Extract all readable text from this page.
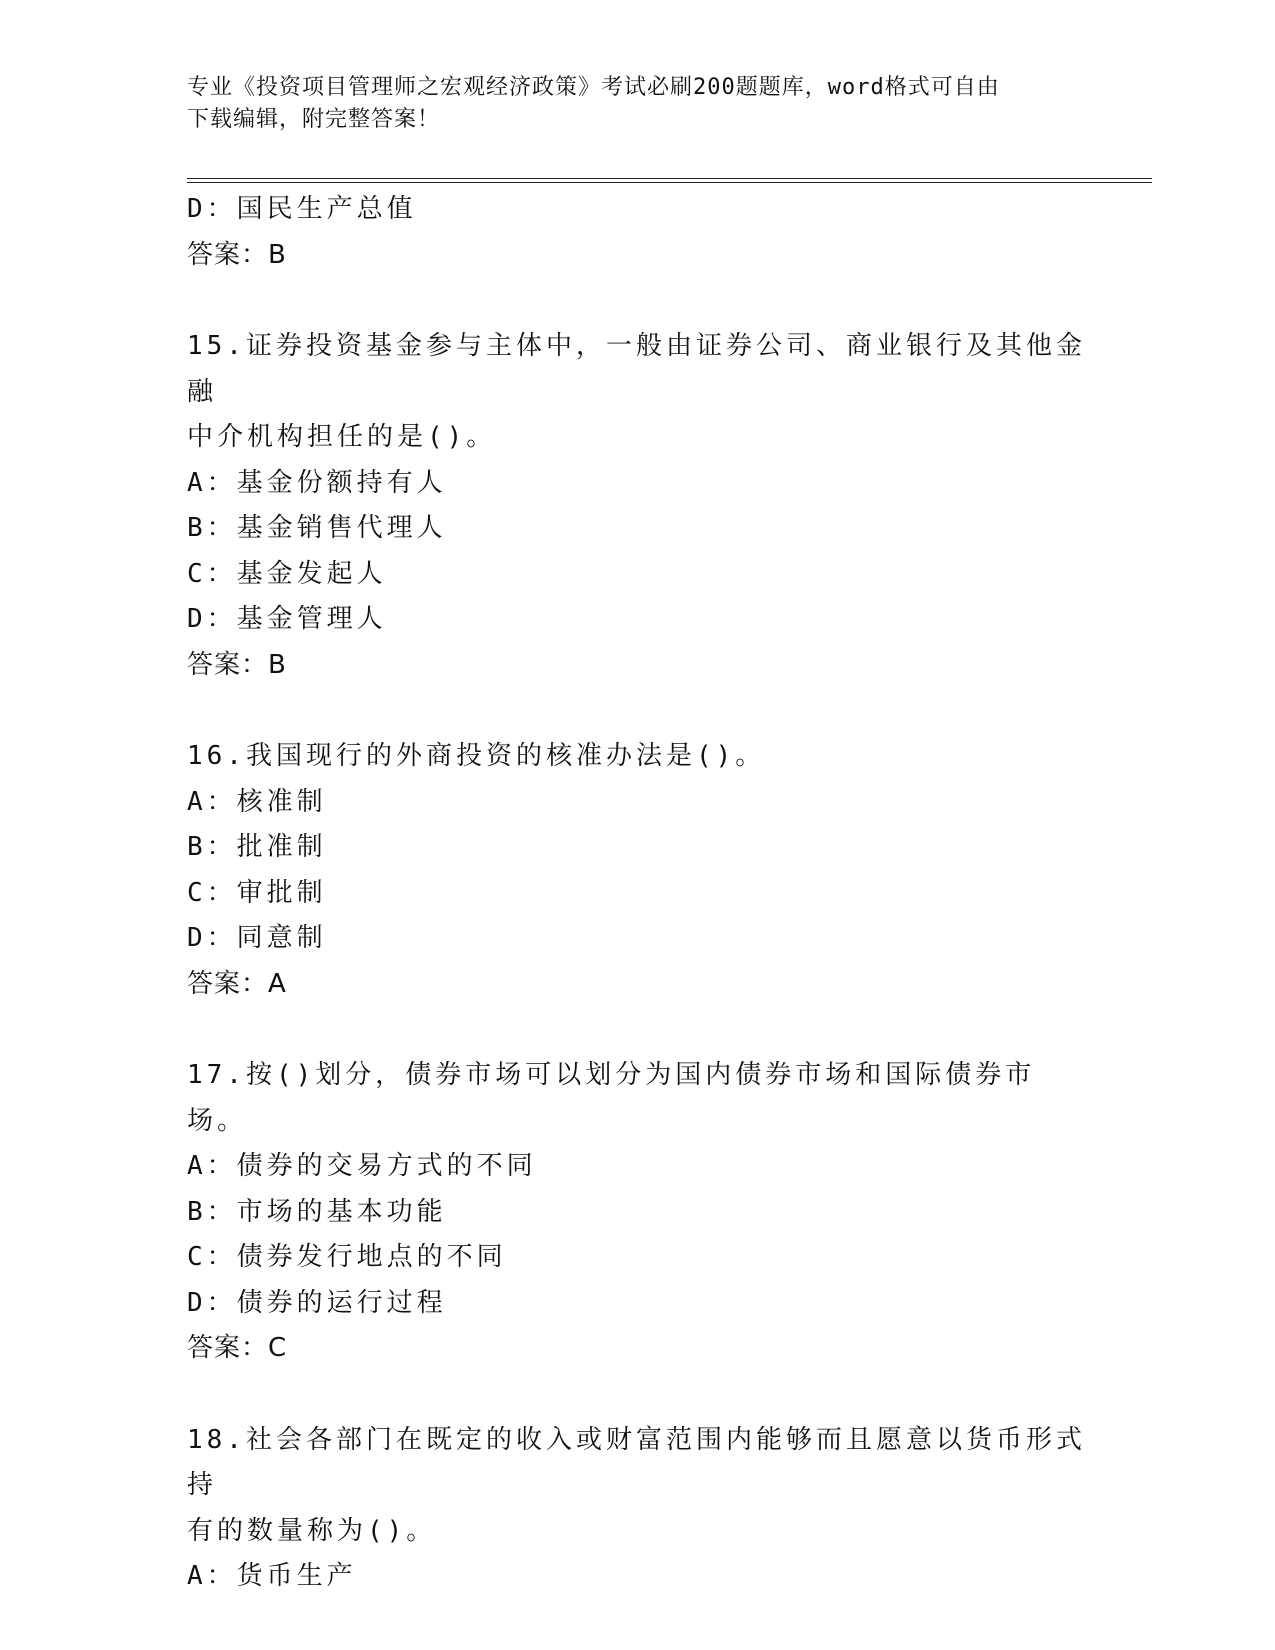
专业《投资项目管理师之宏观经济政策》考试必刷200题题库，word格式可自由
下载编辑，附完整答案！
D：国民生产总值
答案：B
15.证券投资基金参与主体中，一般由证券公司、商业银行及其他金融
中介机构担任的是()。
A：基金份额持有人
B：基金销售代理人
C：基金发起人
D：基金管理人
答案：B
16.我国现行的外商投资的核准办法是()。
A：核准制
B：批准制
C：审批制
D：同意制
答案：A
17.按()划分，债券市场可以划分为国内债券市场和国际债券市场。
A：债券的交易方式的不同
B：市场的基本功能
C：债券发行地点的不同
D：债券的运行过程
答案：C
18.社会各部门在既定的收入或财富范围内能够而且愿意以货币形式持
有的数量称为()。
A：货币生产
